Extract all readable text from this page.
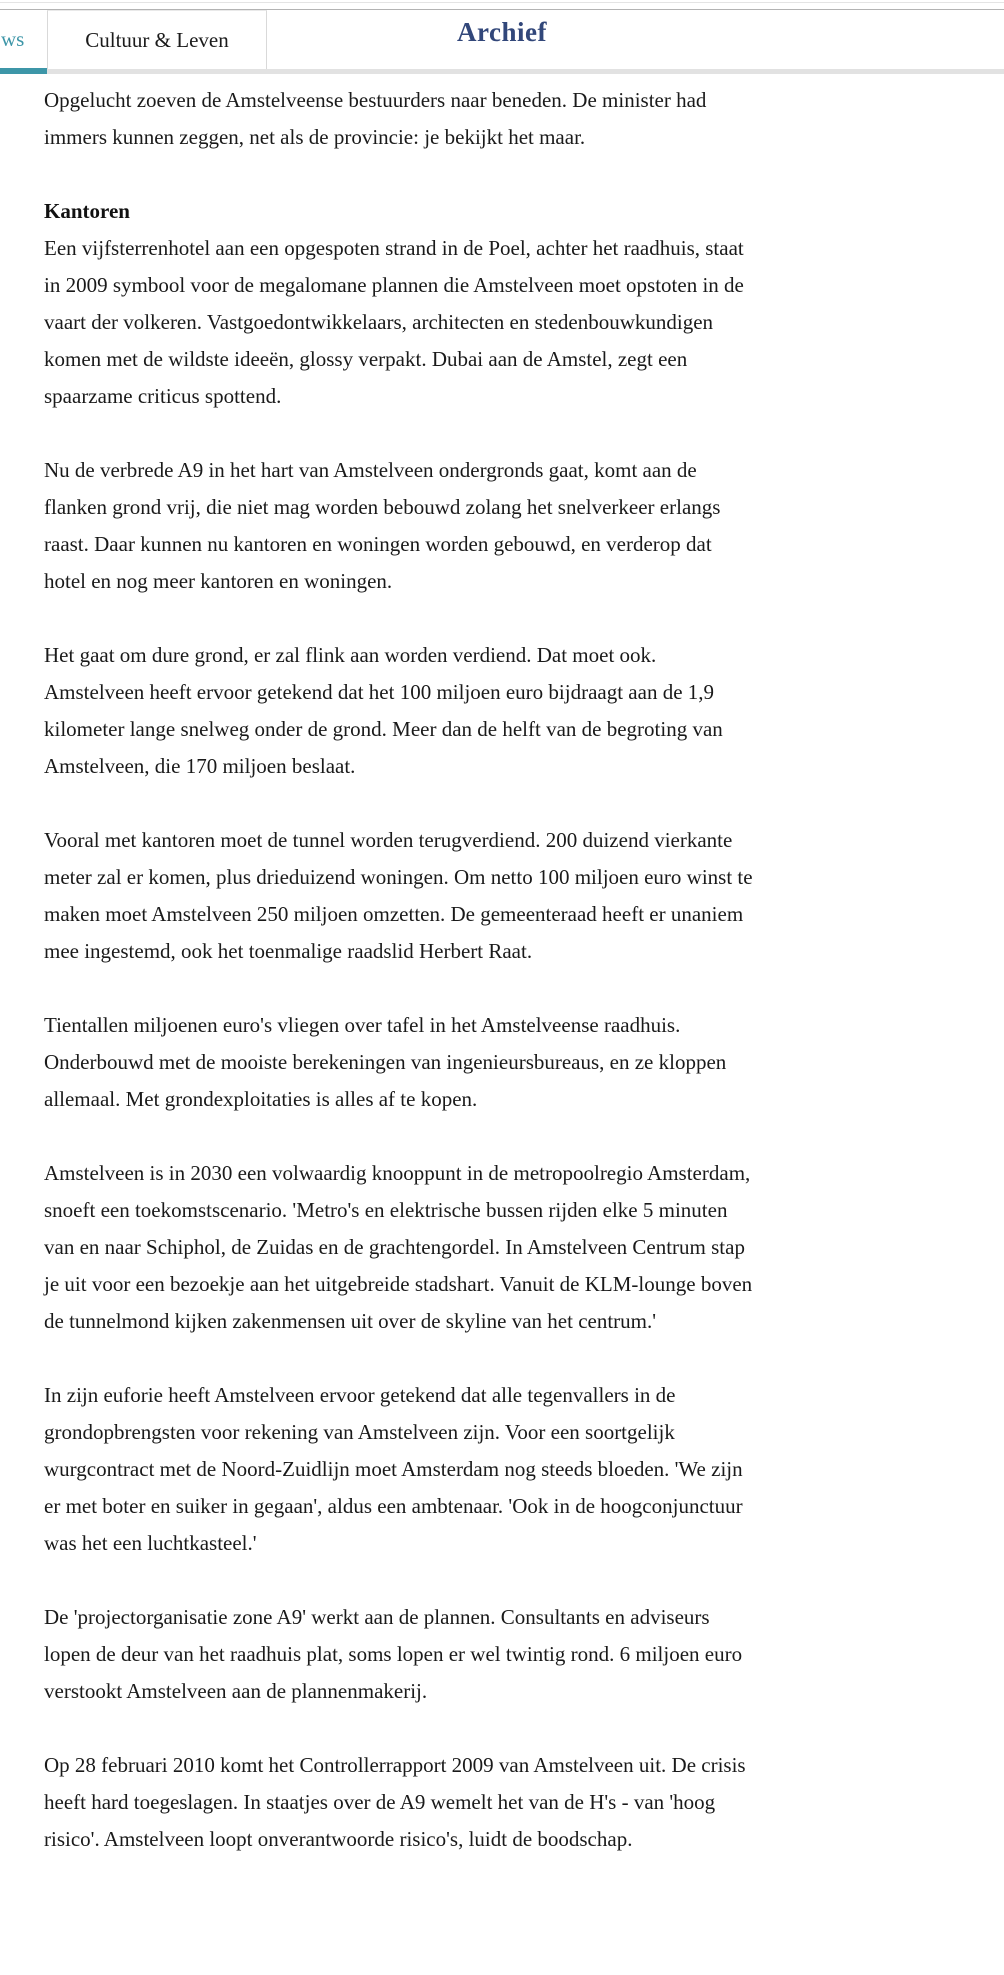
Archief
ws	Cultuur & Leven

Opgelucht zoeven de Amstelveense bestuurders naar beneden. De minister had immers kunnen zeggen, net als de provincie: je bekijkt het maar.

Kantoren

Een vijfsterrenhotel aan een opgespoten strand in de Poel, achter het raadhuis, staat in 2009 symbool voor de megalomane plannen die Amstelveen moet opstoten in de vaart der volkeren. Vastgoedontwikkelaars, architecten en stedenbouwkundigen komen met de wildste ideeën, glossy verpakt. Dubai aan de Amstel, zegt een spaarzame criticus spottend.

Nu de verbrede A9 in het hart van Amstelveen ondergronds gaat, komt aan de flanken grond vrij, die niet mag worden bebouwd zolang het snelverkeer erlangs raast. Daar kunnen nu kantoren en woningen worden gebouwd, en verderop dat hotel en nog meer kantoren en woningen.

Het gaat om dure grond, er zal flink aan worden verdiend. Dat moet ook. Amstelveen heeft ervoor getekend dat het 100 miljoen euro bijdraagt aan de 1,9 kilometer lange snelweg onder de grond. Meer dan de helft van de begroting van Amstelveen, die 170 miljoen beslaat.

Vooral met kantoren moet de tunnel worden terugverdiend. 200 duizend vierkante meter zal er komen, plus drieduizend woningen. Om netto 100 miljoen euro winst te maken moet Amstelveen 250 miljoen omzetten. De gemeenteraad heeft er unaniem mee ingestemd, ook het toenmalige raadslid Herbert Raat.

Tientallen miljoenen euro's vliegen over tafel in het Amstelveense raadhuis. Onderbouwd met de mooiste berekeningen van ingenieursbureaus, en ze kloppen allemaal. Met grondexploitaties is alles af te kopen.

Amstelveen is in 2030 een volwaardig knooppunt in de metropoolregio Amsterdam, snoeft een toekomstscenario. 'Metro's en elektrische bussen rijden elke 5 minuten van en naar Schiphol, de Zuidas en de grachtengordel. In Amstelveen Centrum stap je uit voor een bezoekje aan het uitgebreide stadshart. Vanuit de KLM-lounge boven de tunnelmond kijken zakenmensen uit over de skyline van het centrum.'

In zijn euforie heeft Amstelveen ervoor getekend dat alle tegenvallers in de grondopbrengsten voor rekening van Amstelveen zijn. Voor een soortgelijk wurgcontract met de Noord-Zuidlijn moet Amsterdam nog steeds bloeden. 'We zijn er met boter en suiker in gegaan', aldus een ambtenaar. 'Ook in de hoogconjunctuur was het een luchtkasteel.'

De 'projectorganisatie zone A9' werkt aan de plannen. Consultants en adviseurs lopen de deur van het raadhuis plat, soms lopen er wel twintig rond. 6 miljoen euro verstookt Amstelveen aan de plannenmakerij.

Op 28 februari 2010 komt het Controllerrapport 2009 van Amstelveen uit. De crisis heeft hard toegeslagen. In staatjes over de A9 wemelt het van de H's - van 'hoog risico'. Amstelveen loopt onverantwoorde risico's, luidt de boodschap.
